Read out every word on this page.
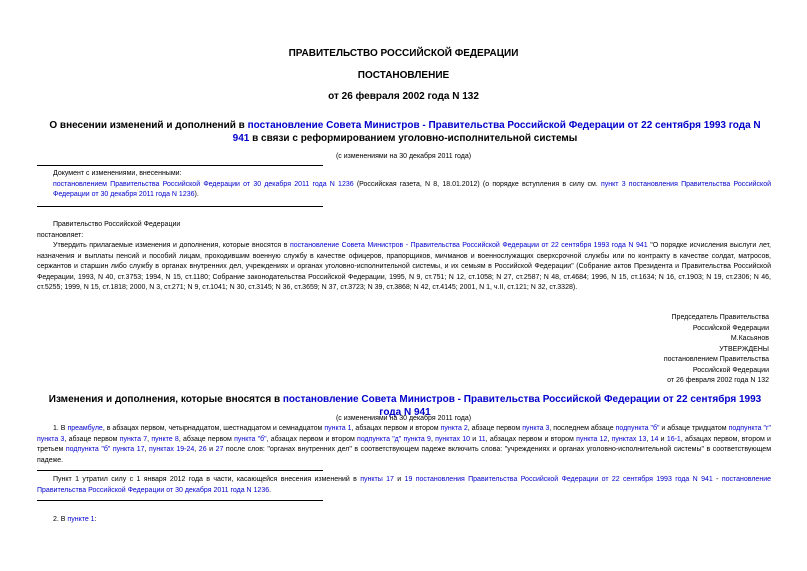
ПРАВИТЕЛЬСТВО РОССИЙСКОЙ ФЕДЕРАЦИИ
ПОСТАНОВЛЕНИЕ
от 26 февраля 2002 года N 132
О внесении изменений и дополнений в постановление Совета Министров - Правительства Российской Федерации от 22 сентября 1993 года N 941 в связи с реформированием уголовно-исполнительной системы
(с изменениями на 30 декабря 2011 года)
Документ с изменениями, внесенными:
постановлением Правительства Российской Федерации от 30 декабря 2011 года N 1236 (Российская газета, N 8, 18.01.2012) (о порядке вступления в силу см. пункт 3 постановления Правительства Российской Федерации от 30 декабря 2011 года N 1236).
Правительство Российской Федерации
постановляет:
Утвердить прилагаемые изменения и дополнения, которые вносятся в постановление Совета Министров - Правительства Российской Федерации от 22 сентября 1993 года N 941 "О порядке исчисления выслуги лет, назначения и выплаты пенсий и пособий лицам, проходившим военную службу в качестве офицеров, прапорщиков, мичманов и военнослужащих сверхсрочной службы или по контракту в качестве солдат, матросов, сержантов и старшин либо службу в органах внутренних дел, учреждениях и органах уголовно-исполнительной системы, и их семьям в Российской Федерации" (Собрание актов Президента и Правительства Российской Федерации, 1993, N 40, ст.3753; 1994, N 15, ст.1180; Собрание законодательства Российской Федерации, 1995, N 9, ст.751; N 12, ст.1058; N 27, ст.2587; N 48, ст.4684; 1996, N 15, ст.1634; N 16, ст.1903; N 19, ст.2306; N 46, ст.5255; 1999, N 15, ст.1818; 2000, N 3, ст.271; N 9, ст.1041; N 30, ст.3145; N 36, ст.3659; N 37, ст.3723; N 39, ст.3868; N 42, ст.4145; 2001, N 1, ч.II, ст.121; N 32, ст.3328).
Председатель Правительства
Российской Федерации
М.Касьянов
УТВЕРЖДЕНЫ
постановлением Правительства
Российской Федерации
от 26 февраля 2002 года N 132
Изменения и дополнения, которые вносятся в постановление Совета Министров - Правительства Российской Федерации от 22 сентября 1993 года N 941
(с изменениями на 30 декабря 2011 года)
1. В преамбуле, в абзацах первом, четырнадцатом, шестнадцатом и семнадцатом пункта 1, абзацах первом и втором пункта 2, абзаце первом пункта 3, последнем абзаце подпункта "б" и абзаце тридцатом подпункта "г" пункта 3, абзаце первом пункта 7, пункте 8, абзаце первом пункта "б", абзацах первом и втором подпункта "д" пункта 9, пунктах 10 и 11, абзацах первом и втором пункта 12, пунктах 13, 14 и 16-1, абзацах первом, втором и третьем подпункта "б" пункта 17, пунктах 19-24, 26 и 27 после слов: "органах внутренних дел" в соответствующем падеже включить слова: "учреждениях и органах уголовно-исполнительной системы" в соответствующем падеже.
Пункт 1 утратил силу с 1 января 2012 года в части, касающейся внесения изменений в пункты 17 и 19 постановления Правительства Российской Федерации от 22 сентября 1993 года N 941 - постановление Правительства Российской Федерации от 30 декабря 2011 года N 1236.
2. В пункте 1:
